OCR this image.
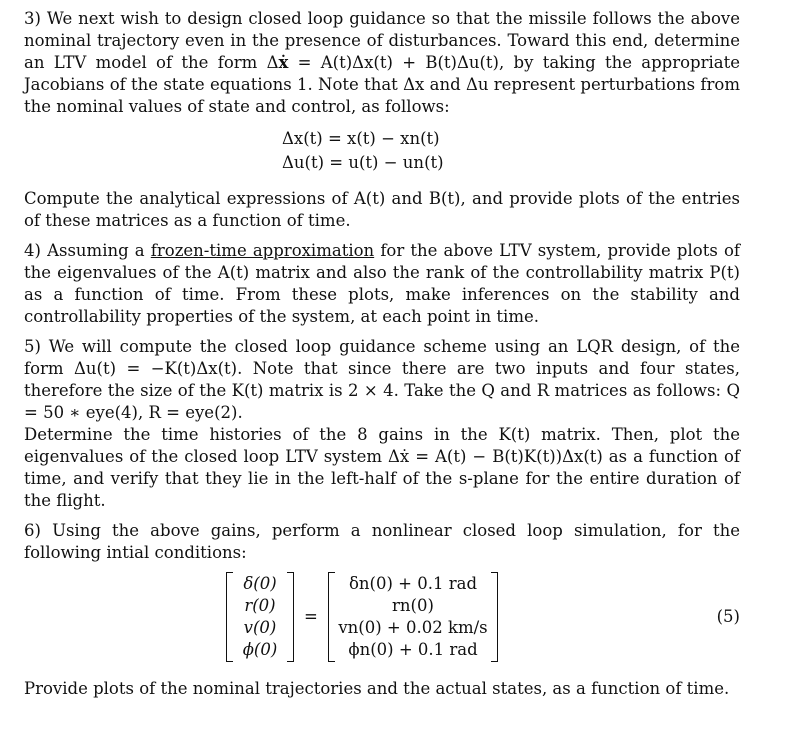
3) We next wish to design closed loop guidance so that the missile follows the above nominal trajectory even in the presence of disturbances. Toward this end, determine an LTV model of the form Δẋ = A(t)Δx(t) + B(t)Δu(t), by taking the appropriate Jacobians of the state equations 1. Note that Δx and Δu represent perturbations from the nominal values of state and control, as follows:

Δx(t) = x(t) − xn(t)
Δu(t) = u(t) − un(t)

Compute the analytical expressions of A(t) and B(t), and provide plots of the entries of these matrices as a function of time.

4) Assuming a frozen-time approximation for the above LTV system, provide plots of the eigenvalues of the A(t) matrix and also the rank of the controllability matrix P(t) as a function of time. From these plots, make inferences on the stability and controllability properties of the system, at each point in time.

5) We will compute the closed loop guidance scheme using an LQR design, of the form Δu(t) = −K(t)Δx(t). Note that since there are two inputs and four states, therefore the size of the K(t) matrix is 2 × 4. Take the Q and R matrices as follows: Q = 50 ∗ eye(4), R = eye(2).

Determine the time histories of the 8 gains in the K(t) matrix. Then, plot the eigenvalues of the closed loop LTV system Δẋ = A(t) − B(t)K(t))Δx(t) as a function of time, and verify that they lie in the left-half of the s-plane for the entire duration of the flight.

6) Using the above gains, perform a nonlinear closed loop simulation, for the following intial conditions:

δ(0)
r(0)
v(0)
ϕ(0)
=
δn(0) + 0.1 rad
rn(0)
vn(0) + 0.02 km/s
ϕn(0) + 0.1 rad
(5)

Provide plots of the nominal trajectories and the actual states, as a function of time.
